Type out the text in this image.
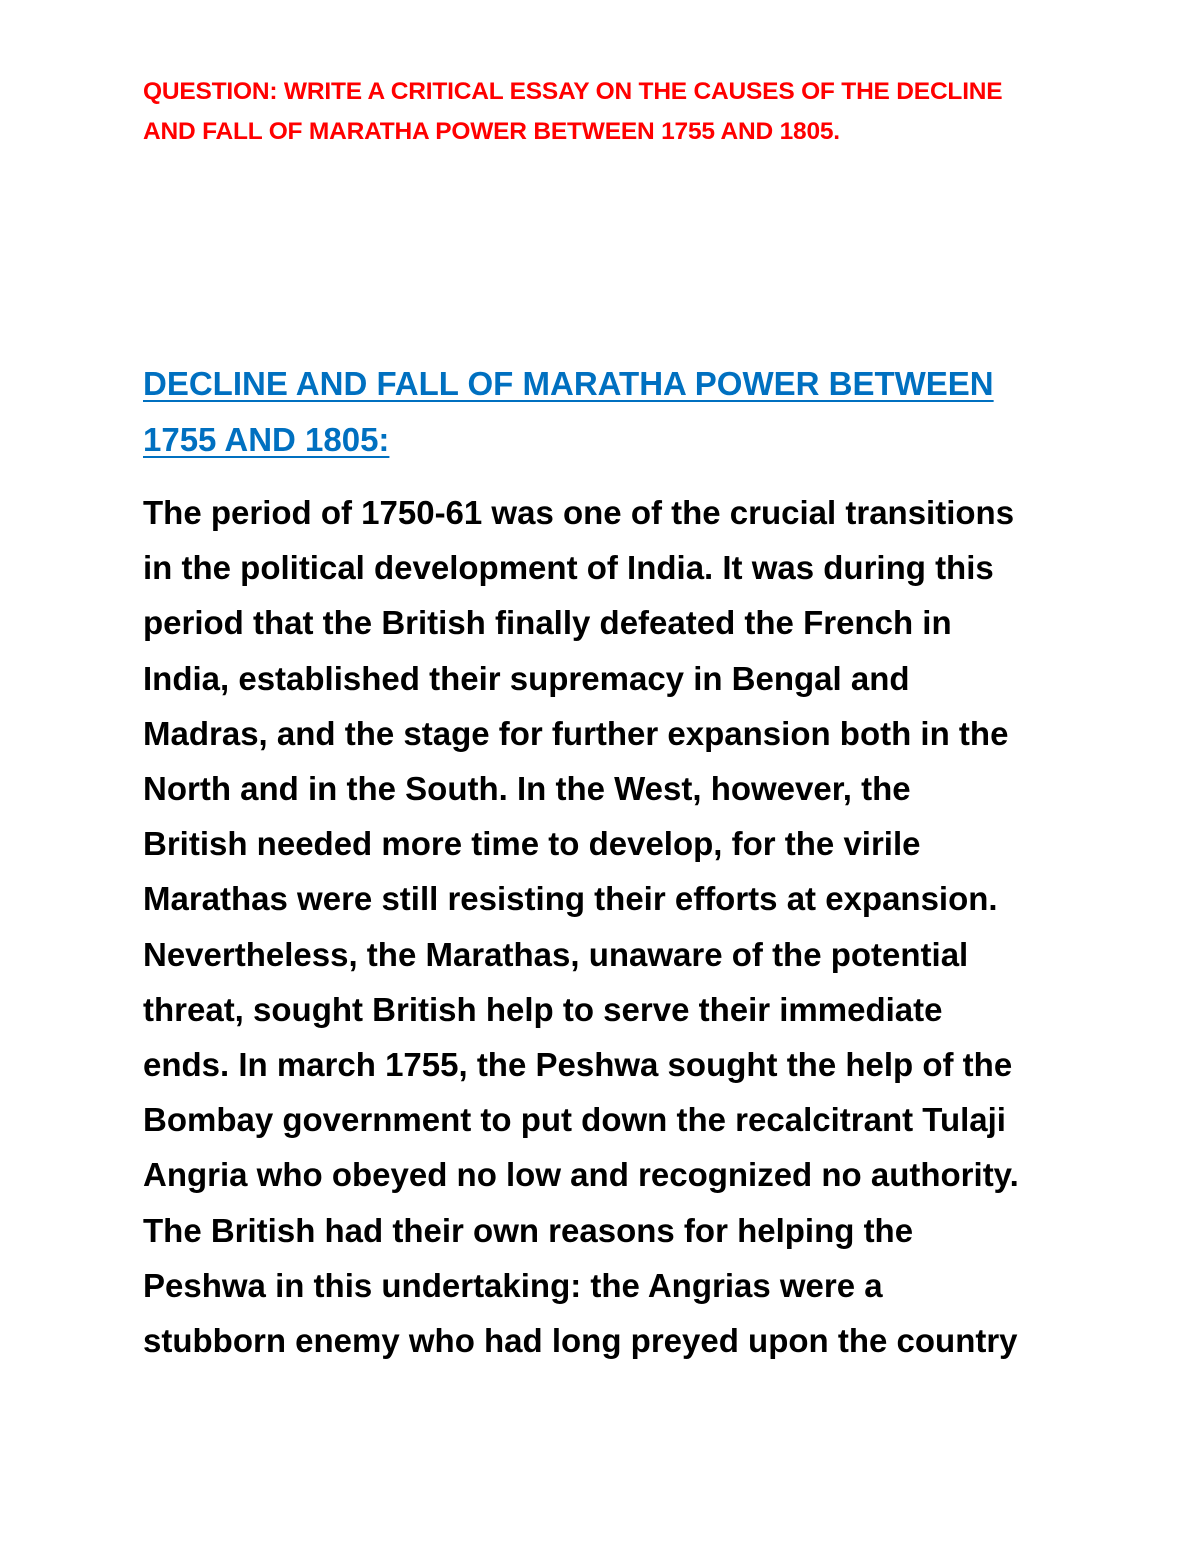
QUESTION: WRITE A CRITICAL ESSAY ON THE CAUSES OF THE DECLINE
AND FALL OF MARATHA POWER BETWEEN 1755 AND 1805.
DECLINE AND FALL OF MARATHA POWER BETWEEN
1755 AND 1805:
The period of 1750-61 was one of the crucial transitions
in the political development of India. It was during this
period that the British finally defeated the French in
India, established their supremacy in Bengal and
Madras, and the stage for further expansion both in the
North and in the South. In the West, however, the
British needed more time to develop, for the virile
Marathas were still resisting their efforts at expansion.
Nevertheless, the Marathas, unaware of the potential
threat, sought British help to serve their immediate
ends. In march 1755, the Peshwa sought the help of the
Bombay government to put down the recalcitrant Tulaji
Angria who obeyed no low and recognized no authority.
The British had their own reasons for helping the
Peshwa in this undertaking: the Angrias were a
stubborn enemy who had long preyed upon the country
